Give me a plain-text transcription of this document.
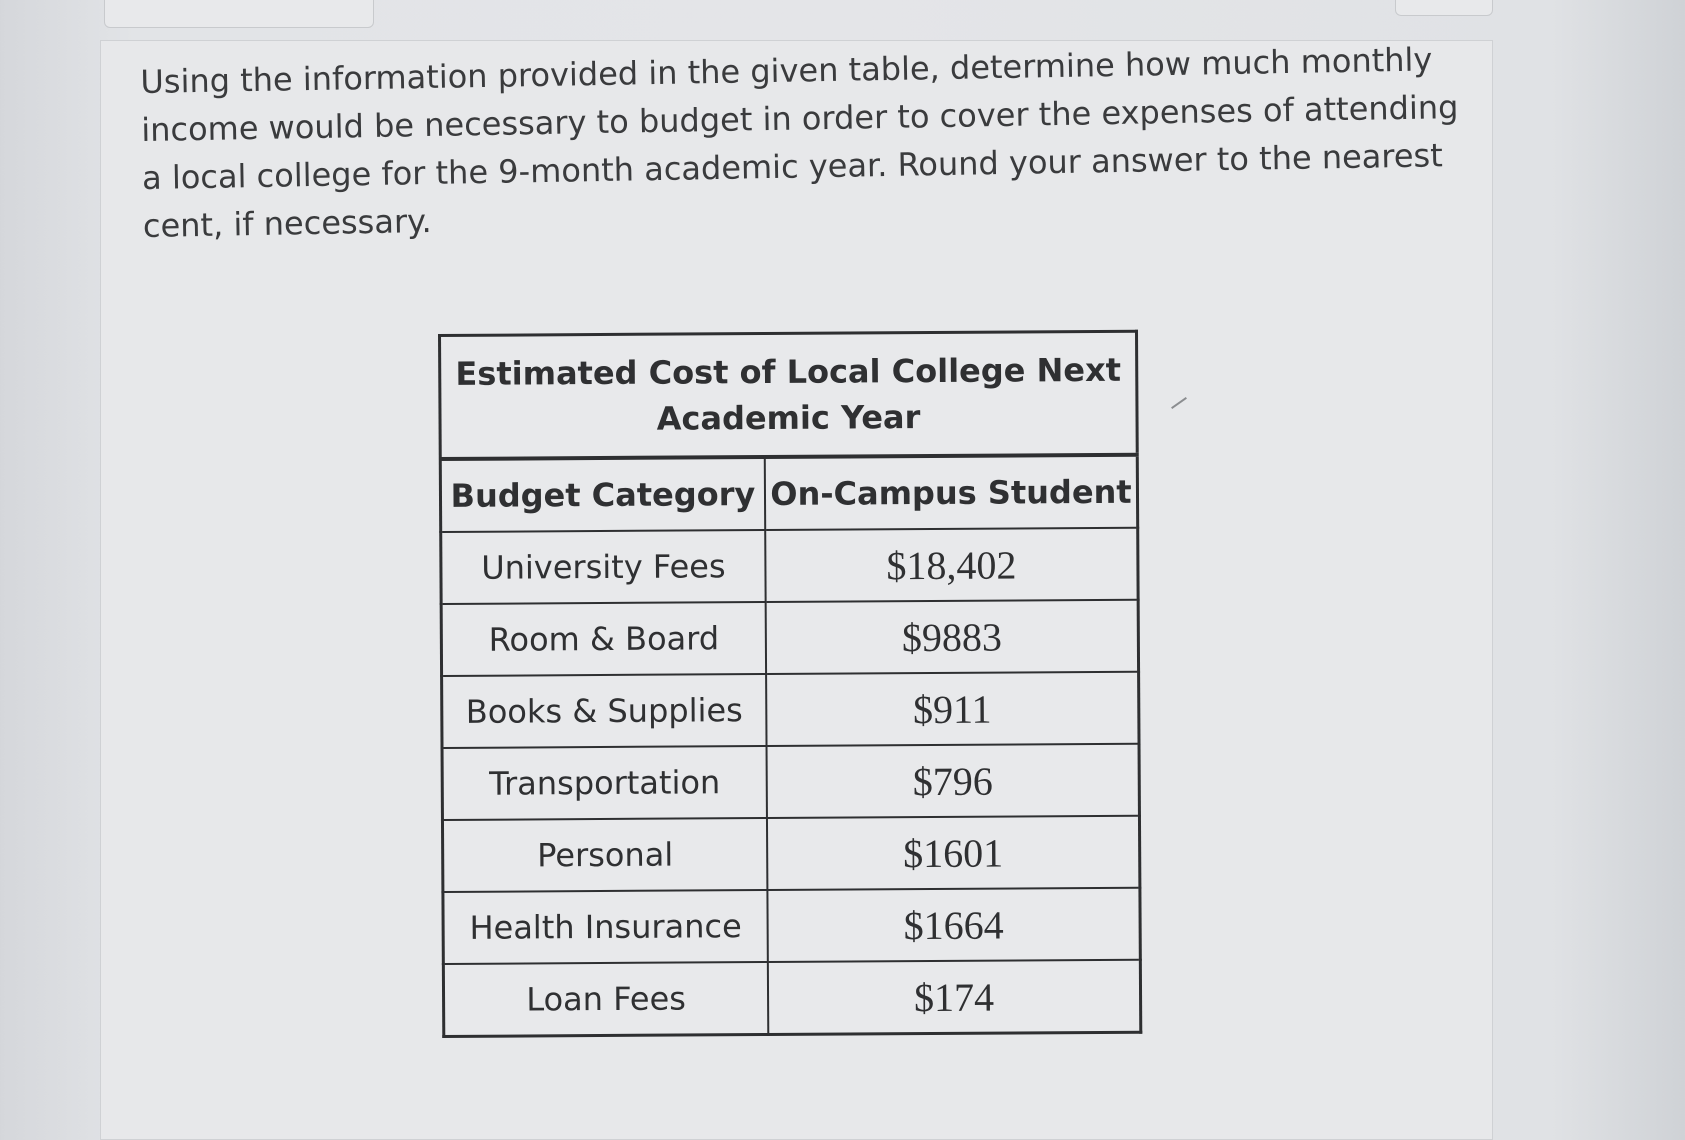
Using the information provided in the given table, determine how much monthly income would be necessary to budget in order to cover the expenses of attending a local college for the 9-month academic year. Round your answer to the nearest cent, if necessary.

Estimated Cost of Local College Next
Academic Year	

Budget Category	On-Campus Student
University Fees	$18,402
Room & Board	$9883
Books & Supplies	$911
Transportation	$796
Personal	$1601
Health Insurance	$1664
Loan Fees	$174
